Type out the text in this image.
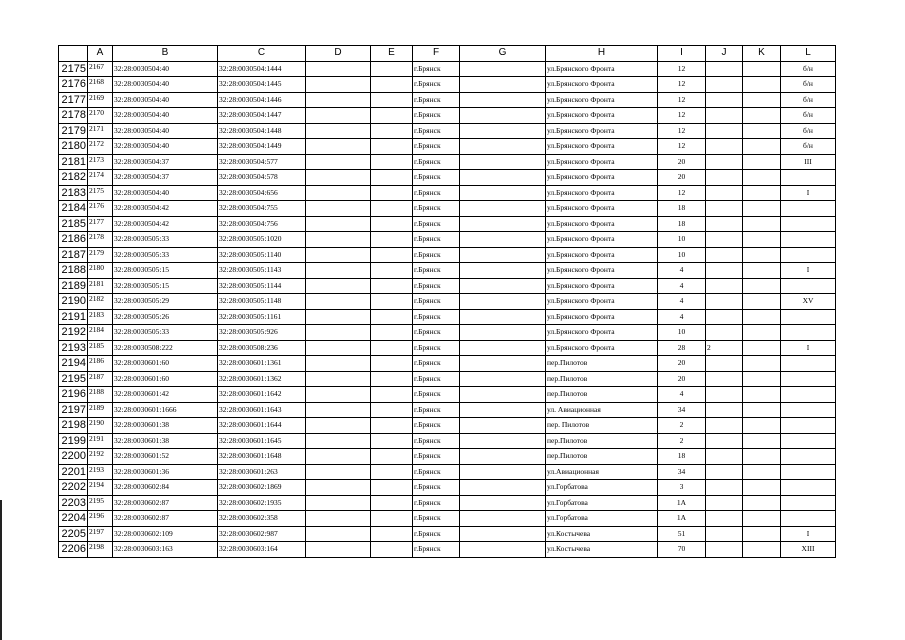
	A	B	C	D	E	F	G	H	I	J	K	L
2175	2167	32:28:0030504:40	32:28:0030504:1444			г.Брянск		ул.Брянского Фронта	12			б/н
2176	2168	32:28:0030504:40	32:28:0030504:1445			г.Брянск		ул.Брянского Фронта	12			б/н
2177	2169	32:28:0030504:40	32:28:0030504:1446			г.Брянск		ул.Брянского Фронта	12			б/н
2178	2170	32:28:0030504:40	32:28:0030504:1447			г.Брянск		ул.Брянского Фронта	12			б/н
2179	2171	32:28:0030504:40	32:28:0030504:1448			г.Брянск		ул.Брянского Фронта	12			б/н
2180	2172	32:28:0030504:40	32:28:0030504:1449			г.Брянск		ул.Брянского Фронта	12			б/н
2181	2173	32:28:0030504:37	32:28:0030504:577			г.Брянск		ул.Брянского Фронта	20			III
2182	2174	32:28:0030504:37	32:28:0030504:578			г.Брянск		ул.Брянского Фронта	20			
2183	2175	32:28:0030504:40	32:28:0030504:656			г.Брянск		ул.Брянского Фронта	12			I
2184	2176	32:28:0030504:42	32:28:0030504:755			г.Брянск		ул.Брянского Фронта	18			
2185	2177	32:28:0030504:42	32:28:0030504:756			г.Брянск		ул.Брянского Фронта	18			
2186	2178	32:28:0030505:33	32:28:0030505:1020			г.Брянск		ул.Брянского Фронта	10			
2187	2179	32:28:0030505:33	32:28:0030505:1140			г.Брянск		ул.Брянского Фронта	10			
2188	2180	32:28:0030505:15	32:28:0030505:1143			г.Брянск		ул.Брянского Фронта	4			I
2189	2181	32:28:0030505:15	32:28:0030505:1144			г.Брянск		ул.Брянского Фронта	4			
2190	2182	32:28:0030505:29	32:28:0030505:1148			г.Брянск		ул.Брянского Фронта	4			XV
2191	2183	32:28:0030505:26	32:28:0030505:1161			г.Брянск		ул.Брянского Фронта	4			
2192	2184	32:28:0030505:33	32:28:0030505:926			г.Брянск		ул.Брянского Фронта	10			
2193	2185	32:28:0030508:222	32:28:0030508:236			г.Брянск		ул.Брянского Фронта	28	2		I
2194	2186	32:28:0030601:60	32:28:0030601:1361			г.Брянск		пер.Пилотов	20			
2195	2187	32:28:0030601:60	32:28:0030601:1362			г.Брянск		пер.Пилотов	20			
2196	2188	32:28:0030601:42	32:28:0030601:1642			г.Брянск		пер.Пилотов	4			
2197	2189	32:28:0030601:1666	32:28:0030601:1643			г.Брянск		ул. Авиационная	34			
2198	2190	32:28:0030601:38	32:28:0030601:1644			г.Брянск		пер. Пилотов	2			
2199	2191	32:28:0030601:38	32:28:0030601:1645			г.Брянск		пер.Пилотов	2			
2200	2192	32:28:0030601:52	32:28:0030601:1648			г.Брянск		пер.Пилотов	18			
2201	2193	32:28:0030601:36	32:28:0030601:263			г.Брянск		ул.Авиационная	34			
2202	2194	32:28:0030602:84	32:28:0030602:1869			г.Брянск		ул.Горбатова	3			
2203	2195	32:28:0030602:87	32:28:0030602:1935			г.Брянск		ул.Горбатова	1А			
2204	2196	32:28:0030602:87	32:28:0030602:358			г.Брянск		ул.Горбатова	1А			
2205	2197	32:28:0030602:109	32:28:0030602:987			г.Брянск		ул.Костычева	51			I
2206	2198	32:28:0030603:163	32:28:0030603:164			г.Брянск		ул.Костычева	70			XIII
